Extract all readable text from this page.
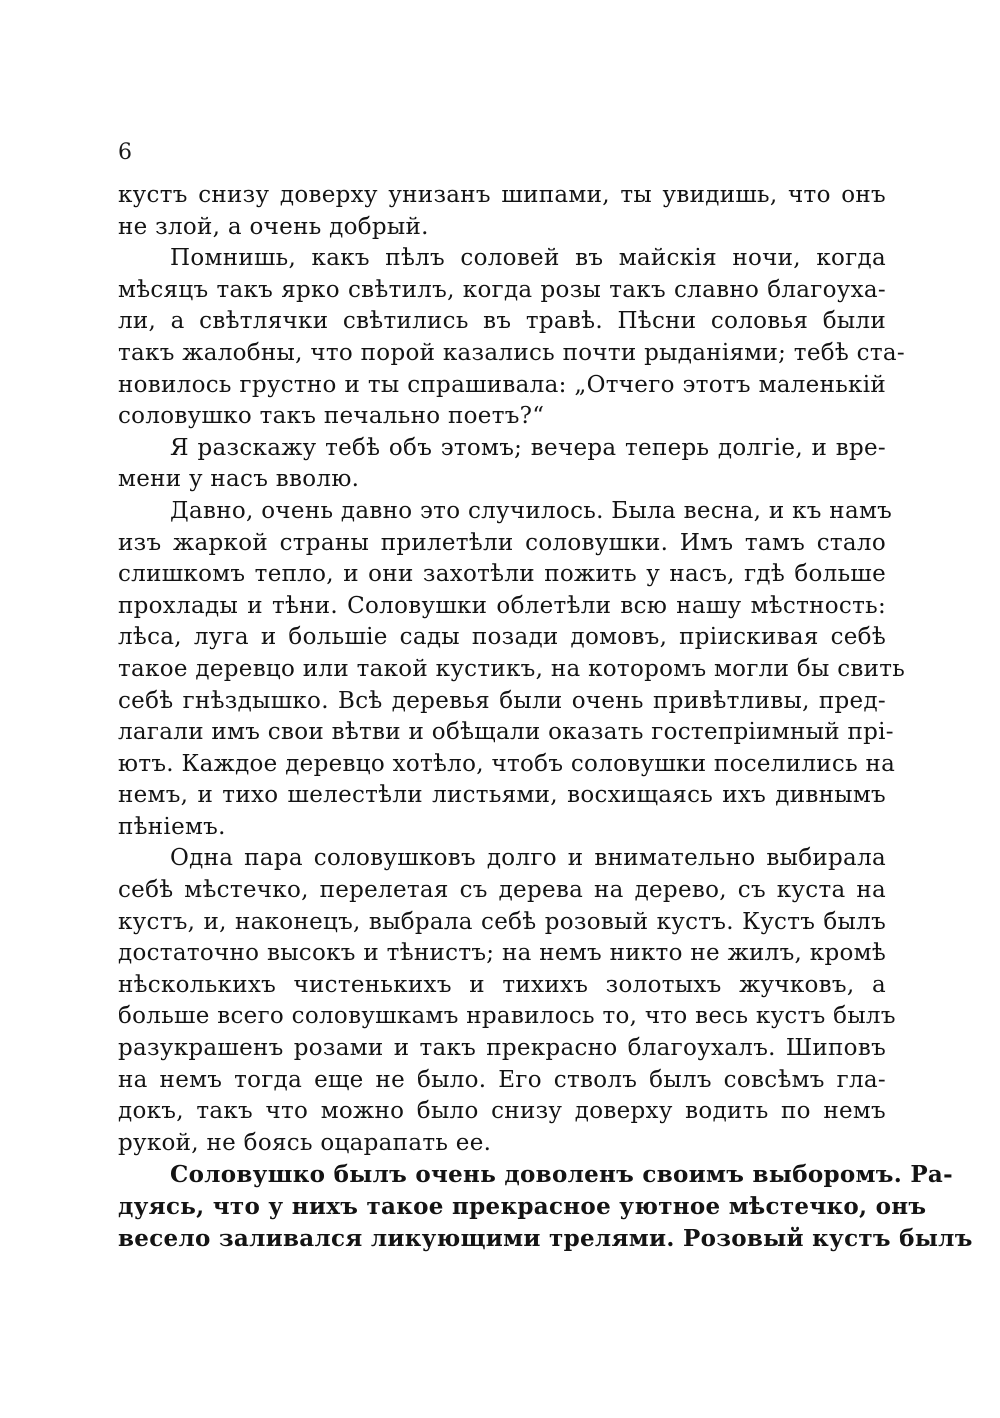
6
кустъ снизу доверху унизанъ шипами, ты увидишь, что онъ
не злой, а очень добрый.
Помнишь, какъ пѣлъ соловей въ майскія ночи, когда
мѣсяцъ такъ ярко свѣтилъ, когда розы такъ славно благоуха-
ли, а свѣтлячки свѣтились въ травѣ. Пѣсни соловья были
такъ жалобны, что порой казались почти рыданіями; тебѣ ста-
новилось грустно и ты спрашивала: „Отчего этотъ маленькій
соловушко такъ печально поетъ?“
Я разскажу тебѣ объ этомъ; вечера теперь долгіе, и вре-
мени у насъ вволю.
Давно, очень давно это случилось. Была весна, и къ намъ
изъ жаркой страны прилетѣли соловушки. Имъ тамъ стало
слишкомъ тепло, и они захотѣли пожить у насъ, гдѣ больше
прохлады и тѣни. Соловушки облетѣли всю нашу мѣстность:
лѣса, луга и большіе сады позади домовъ, пріискивая себѣ
такое деревцо или такой кустикъ, на которомъ могли бы свить
себѣ гнѣздышко. Всѣ деревья были очень привѣтливы, пред-
лагали имъ свои вѣтви и обѣщали оказать гостепріимный прі-
ютъ. Каждое деревцо хотѣло, чтобъ соловушки поселились на
немъ, и тихо шелестѣли листьями, восхищаясь ихъ дивнымъ
пѣніемъ.
Одна пара соловушковъ долго и внимательно выбирала
себѣ мѣстечко, перелетая съ дерева на дерево, съ куста на
кустъ, и, наконецъ, выбрала себѣ розовый кустъ. Кустъ былъ
достаточно высокъ и тѣнистъ; на немъ никто не жилъ, кромѣ
нѣсколькихъ чистенькихъ и тихихъ золотыхъ жучковъ, а
больше всего соловушкамъ нравилось то, что весь кустъ былъ
разукрашенъ розами и такъ прекрасно благоухалъ. Шиповъ
на немъ тогда еще не было. Его стволъ былъ совсѣмъ гла-
докъ, такъ что можно было снизу доверху водить по немъ
рукой, не боясь оцарапать ее.
Соловушко былъ очень доволенъ своимъ выборомъ. Ра-
дуясь, что у нихъ такое прекрасное уютное мѣстечко, онъ
весело заливался ликующими трелями. Розовый кустъ былъ
